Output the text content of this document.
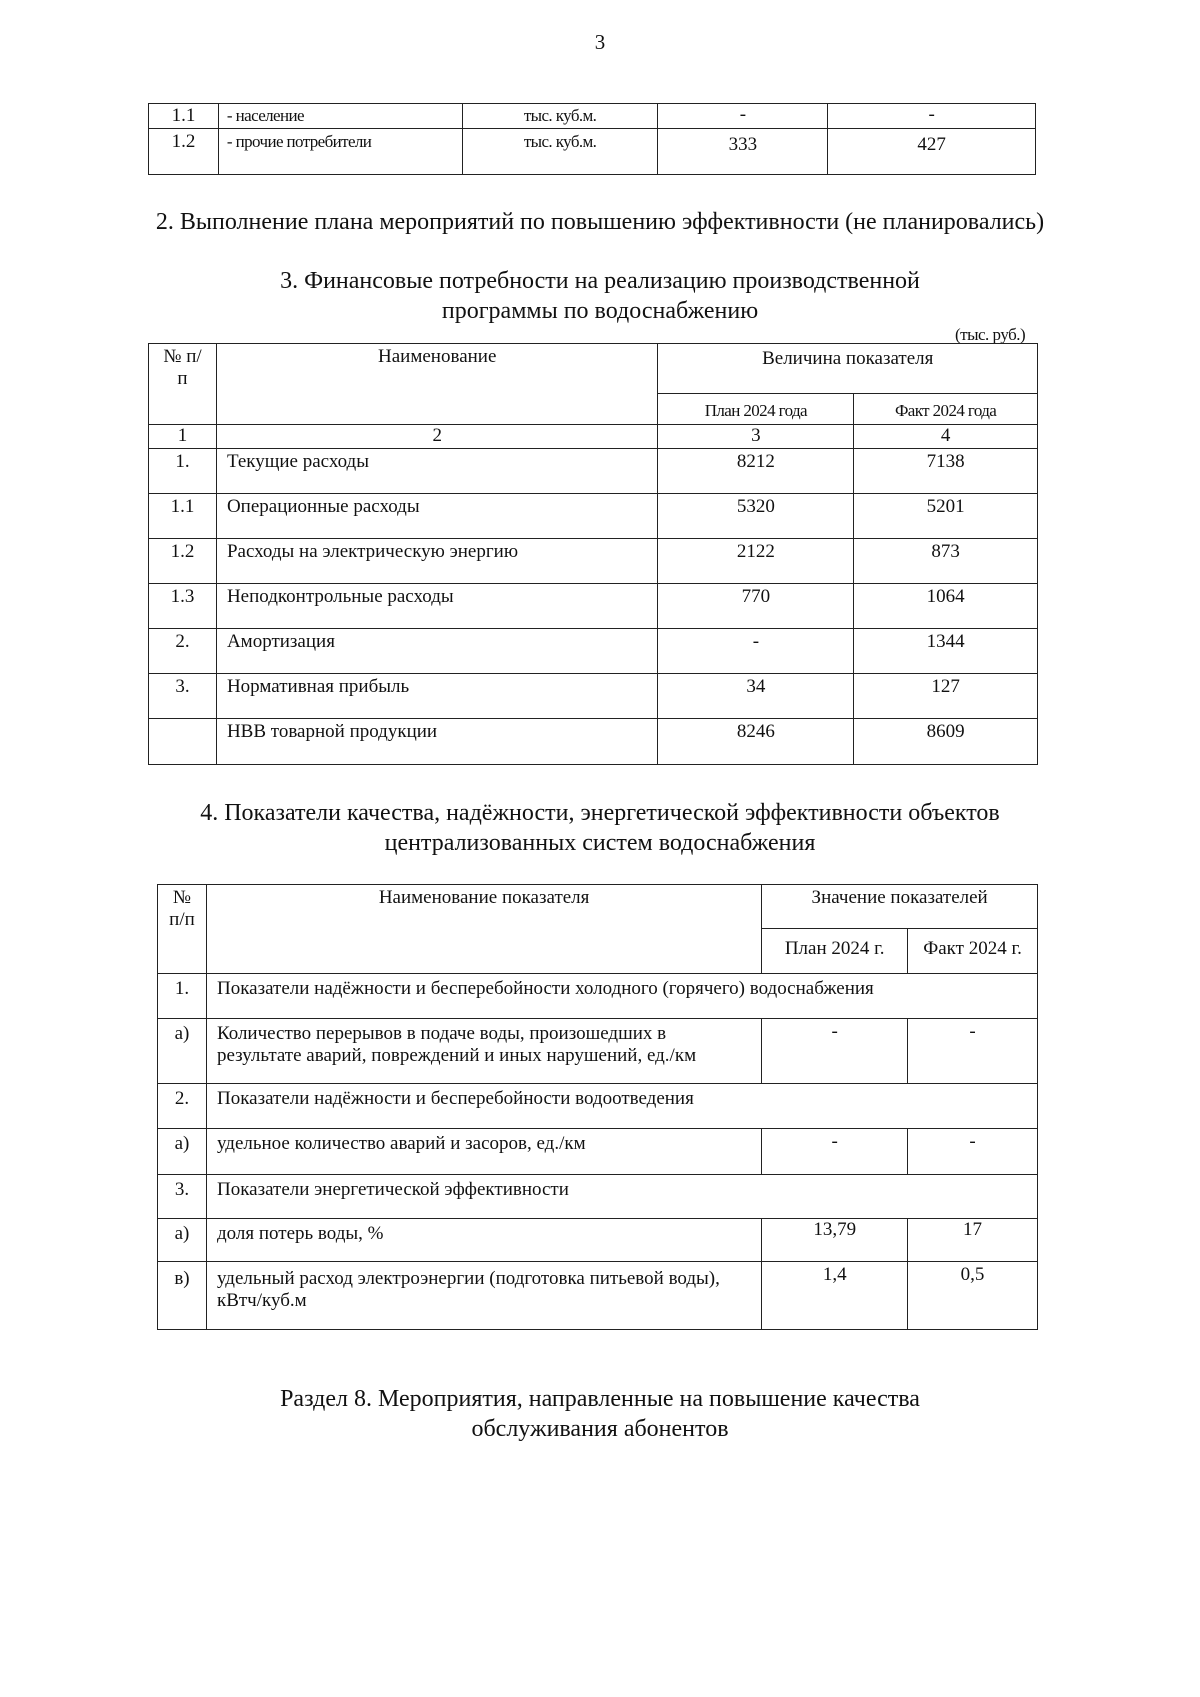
3
1.1	- население	тыс. куб.м.	-	-
1.2	- прочие потребители	тыс. куб.м.	333	427
2. Выполнение плана мероприятий по повышению эффективности (не планировались)
3. Финансовые потребности на реализацию производственной
программы по водоснабжению
(тыс. руб.)
№ п/п	Наименование	Величина показателя	
		План 2024 года	Факт 2024 года
1	2	3	4
1.	Текущие расходы	8212	7138
1.1	Операционные расходы	5320	5201
1.2	Расходы на электрическую энергию	2122	873
1.3	Неподконтрольные расходы	770	1064
2.	Амортизация	-	1344
3.	Нормативная прибыль	34	127
	НВВ товарной продукции	8246	8609
4. Показатели качества, надёжности, энергетической эффективности объектов
централизованных систем водоснабжения
№ п/п	Наименование показателя	Значение показателей	
		План 2024 г.	Факт 2024 г.
1.	Показатели надёжности и бесперебойности холодного (горячего) водоснабжения		
а)	Количество перерывов в подаче воды, произошедших в результате аварий, повреждений и иных нарушений, ед./км	-	-
2.	Показатели надёжности и бесперебойности водоотведения		
а)	удельное количество аварий и засоров, ед./км	-	-
3.	Показатели энергетической эффективности		
а)	доля потерь воды, %	13,79	17
в)	удельный расход электроэнергии (подготовка питьевой воды), кВтч/куб.м	1,4	0,5
Раздел 8. Мероприятия, направленные на повышение качества
обслуживания абонентов
